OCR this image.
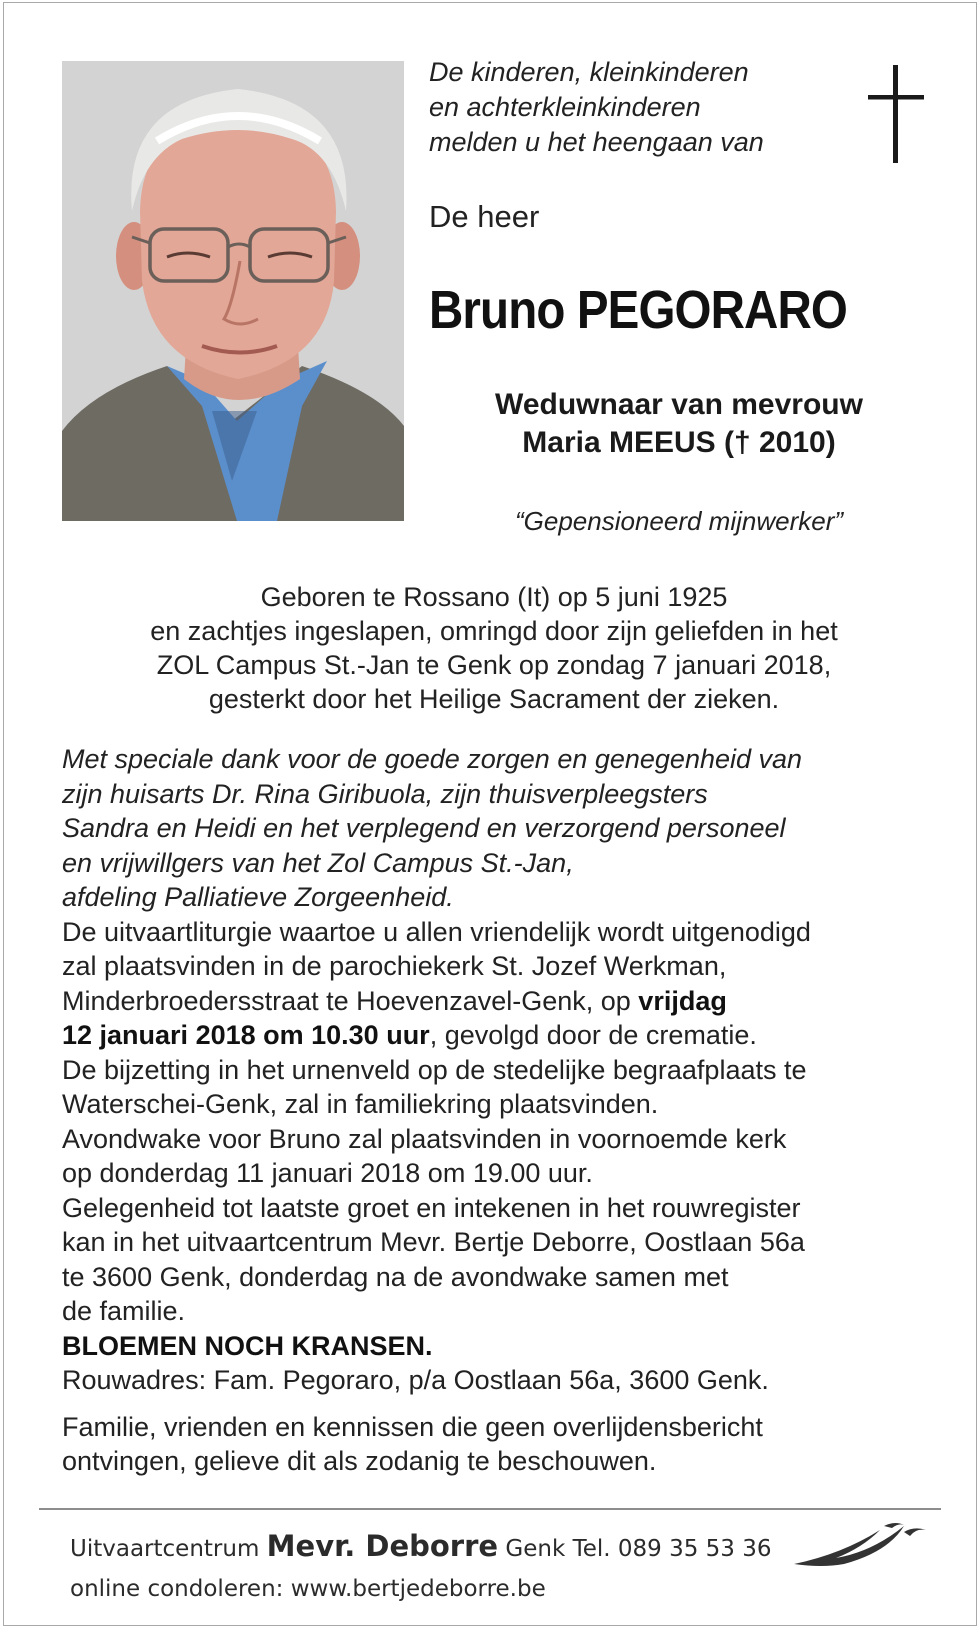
De kinderen, kleinkinderen
en achterkleinkinderen
melden u het heengaan van
De heer
Bruno PEGORARO
Weduwnaar van mevrouw
Maria MEEUS († 2010)
“Gepensioneerd mijnwerker”
Geboren te Rossano (It) op 5 juni 1925
en zachtjes ingeslapen, omringd door zijn geliefden in het
ZOL Campus St.-Jan te Genk op zondag 7 januari 2018,
gesterkt door het Heilige Sacrament der zieken.
Met speciale dank voor de goede zorgen en genegenheid van
zijn huisarts Dr. Rina Giribuola, zijn thuisverpleegsters
Sandra en Heidi en het verplegend en verzorgend personeel
en vrijwillgers van het Zol Campus St.-Jan,
afdeling Palliatieve Zorgeenheid.
De uitvaartliturgie waartoe u allen vriendelijk wordt uitgenodigd
zal plaatsvinden in de parochiekerk St. Jozef Werkman,
Minderbroedersstraat te Hoevenzavel-Genk, op vrijdag
12 januari 2018 om 10.30 uur, gevolgd door de crematie.
De bijzetting in het urnenveld op de stedelijke begraafplaats te
Waterschei-Genk, zal in familiekring plaatsvinden.
Avondwake voor Bruno zal plaatsvinden in voornoemde kerk
op donderdag 11 januari 2018 om 19.00 uur.
Gelegenheid tot laatste groet en intekenen in het rouwregister
kan in het uitvaartcentrum Mevr. Bertje Deborre, Oostlaan 56a
te 3600 Genk, donderdag na de avondwake samen met
de familie.
BLOEMEN NOCH KRANSEN.
Rouwadres: Fam. Pegoraro, p/a Oostlaan 56a, 3600 Genk.
Familie, vrienden en kennissen die geen overlijdensbericht
ontvingen, gelieve dit als zodanig te beschouwen.
Uitvaartcentrum Mevr. Deborre Genk Tel. 089 35 53 36
online condoleren: www.bertjedeborre.be
